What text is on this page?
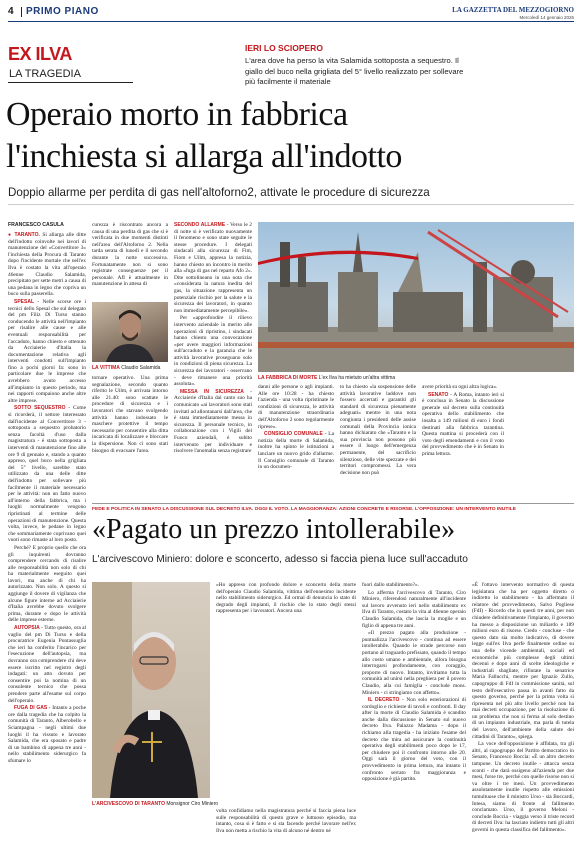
4	PRIMO PIANO	LA GAZZETTA DEL MEZZOGIORNO
Mercoledì 14 gennaio 2026
EX ILVA
LA TRAGEDIA
IERI LO SCIOPERO
L'area dove ha perso la vita Salamida sottoposta a sequestro. Il giallo del buco nella grigliata del 5° livello realizzato per sollevare più facilmente il materiale
Operaio morto in fabbrica
l'inchiesta si allarga all'indotto
Doppio allarme per perdita di gas nell'altoforno2, attivate le procedure di sicurezza
FRANCESCO CASULA

● TARANTO. Si allarga alle ditte dell'indotto coinvolte nei lavori di manutenzione del «Convertitore 3» l'inchiesta della Procura di Taranto dopo l'incidente mortale che nell'ex Ilva è costato la vita all'operaio 46enne Claudio Salamida, precipitato per sette metri a causa di una pedana in legno che copriva un buco sulla passerella.

SPESAL - Nelle scorse ore i tecnici dello Spesal che sul delegato del pm Filiz Di Turso stanno conducendo le attività nell'impianto per risalire alle cause e alle eventuali responsabilità per l'accaduto, hanno chiesto e ottenuto da Acciaierie d'Italia la documentazione relativa agli interventi condotti sull'impianto fino a pochi giorni fa: sono in particolare due le imprese che avrebbero avuto accesso all'impianto in questo periodo, ma nei rapporti compaiono anche altre altre imprese.

SOTTO SEQUESTRO - Come si ricorderà, il settore interessato dall'incidente al Convertitore 3 - sottoposta a sequestro probatorio senza facoltà d'uso dalla magistratura - è stata sottoposta a interventi di manutenzione fino alle ore 9 di gennaio e, stando a quanto appreso, quel buco nella grigliata del 5° livello, sarebbe stato utilizzato da una delle ditte dell'indotto per sollevare più facilmente il materiale necessario per le attività: non un fatto nuovo all'interno della fabbrica, ma i luoghi normalmente vengono ripristinati al termine delle operazioni di manutenzione. Questa volta, invece, le pedane in legno che sommariamente coprivano quei vuoti sono rimaste al loro posto.

Perché? E proprio quello che ora gli inquirenti dovranno comprendere cercando di risalire alle responsabilità non solo di chi ha materialmente eseguito quei lavori, ma anche di chi ha autorizzato. Non solo. A questo si aggiunge il dovere di vigilanza che alcune figure interne ad Acciaierie d'Italia avrebbe dovuto svolgere prima, durante e dopo le attività delle imprese esterne.

AUTOPSIA - Tutto questo, ora al vaglio del pm Di Turso e della procuratrice Eugenia Pontassuglia che ieri ha conferito l'incarico per l'esecuzione dell'autopsia, ma dovranno ora comprendere chi deve essere iscritto nel registro degli indagati: un atto dovuto per consentire poi la nomina di un consulente tecnico che possa prendere parte all'esame sul corpo dell'operaio.

FUGA DI GAS - Intanto a poche ore dalla tragedia che ha colpito la comunità di Taranto, Alberobello e Sciampagna - negli ultimi due luoghi il ha vissuto e lavorato Salamida, che era sposato e padre di un bambino di appena tre anni - nello stabilimento siderurgico fa sfumare lo

curezza è riscontrato ancora a causa di una perdita di gas che si è verificata in due momenti distinti nell'area dell'Altoforno 2. Nella tarda serata di lunedì e il secondo durante la notte successiva. Fortunatamente non si sono registrate conseguenze per il personale. AfI è attualmente in manutenzione in attesa di

LA VITTIMA Claudio Salamida

tornare operativo. Una prima segnalazione, secondo quanto riferito le Uilm, è arrivata intorno alle 21.40: sono scattate le procedure di sicurezza e i lavoratori che stavano svolgendo attività hanno indossato le maschere protettive il tempo necessario per consentire alla ditta incaricata di localizzare e bloccare la dispersione. Non ci sono stati bisogno di evacuare l'area.

SECONDO ALLARME - Verso le 2 di notte si è verificato nuovamente il fenomeno e sono state seguite le stesse procedure. I delegati sindacali alla sicurezza di Fim, Fiom e Uilm, appresa la notizia, hanno chiesto un incontro in merito alla «fuga di gas nel reparto Afo 2». Dite sottolineano in una nota che «considerata la natura inedita del gas, la situazione rappresenta un potenziale rischio per la salute e la sicurezza dei lavoratori, in quanto non immediatamente percepibile».

Per «approfondire il rilievo intervento aziendale in merito alle operazioni di ripristino, i sindacati hanno chiesto una convocazione «per avere maggiori informazioni sull'accaduto e la garanzia che le attività lavorative proseguano solo in condizioni di piena sicurezza. La sicurezza dei lavoratori - osservano - deve rimanere una priorità assoluta».

MESSA IN SICUREZZA - Acciaierie d'Italia dal canto suo ha comunicato «ai lavoratori sono stati invitati ad allontanarsi dall'area, che è stata immediatamente messa in sicurezza. Il personale tecnico, in collaborazione con i Vigili del Fuoco aziendali, è subito intervenuto per individuare e risolvere l'anomalia senza registrare

LA FABBRICA DI MORTE L'ex Ilva ha mietuto un'altra vittima

danni alle persone o agli impianti. Alle ore 10:28 - ha chiesto l'azienda - una volta ripristinate le condizioni di sicurezza, le attività di manutenzione straordinaria dell'Altoforno 2 sono regolarmente riprese».

CONSIGLIO COMUNALE - La notizia della morte di Salamida, inoltre ha spinto le istituzioni a lanciare un nuovo grido d'allarme. Il Consiglio comunale di Taranto in un documen-

to ha chiesto «la sospensione delle attività lavorative laddove non fossero accertati e garantiti gli standard di sicurezza pienamente adeguati» mentre in una nota congiunta i presidenti delle assise comunali della Provincia ionica hanno dichiarato che «Taranto e la sua provincia non possono più essere il luogo dell'emergenza permanente, del sacrificio silenzioso, delle vite spezzate e dei territori compromessi. La vera decisione non può

avere priorità su ogni altra logica».

SENATO - A Roma, intanto ieri si è conclusa in Senato la discussione generale sul decreto sulla continuità operativa dello stabilimento che insalta a 149 milioni di euro i fondi destinati alla fabbrica tarantina. Questa mattina si procederà con il voto degli emendamenti e con il voto del provvedimento che è in Senato in prima lettura.

FEDE E POLITICA IN SENATO LA DISCUSSIONE SUL DECRETO ILVA. OGGI IL VOTO. LA MAGGIORANZA: AZIONI CONCRETE E RISORSE. L'OPPOSIZIONE: UN INTERVENTO INUTILE
«Pagato un prezzo intollerabile»
L'arcivescovo Miniero: dolore e sconcerto, adesso si faccia piena luce sull'accaduto
L'ARCIVESCOVO DI TARANTO Monsignor Ciro Miniero

«Ho appreso con profondo dolore e sconcerto della morte dell'operaio Claudio Salamida, vittima dell'ennesimo incidente nello stabilimento siderurgico. Ed ormai di denuncia lo stato di degrado degli impianti, il rischio che lo stato degli stessi rappresenta per i lavoratori. Ancora una

volta confidiamo nella magistratura perché si faccia piena luce sulle responsabilità di questo grave e luttuoso episodio, ma intanto, cosa si è fatto e si sta facendo perché lavorare nell'ex Ilva non metta a rischio la vita di alcuno né dentro né

fuori dallo stabilimento?».

Lo afferma l'arcivescovo di Taranto, Ciro Miniero, riferendosi naturalmente all'incidente sul lavoro avvenuto ieri nello stabilimento ex Ilva di Taranto, costato la vita al 46enne operaio Claudio Salamida, che lascia la moglie e un figlio di appena tre anni.

«Il prezzo pagato alla produzione - puntualizza l'arcivescovo - continua ad essere intollerabile. Quando le strade percorse non portano al traguardo prefissato, quando il tempo allo costo umano e ambientale, allora bisogna interrogarsi profondamente, con coraggio, proporre di nuovo. Intanto, invitiamo tutta la comunità ad unirsi nella preghiera per il povero Claudio, alla cui famiglia - conclude mons. Miniero - ci stringiamo con affetto».

IL DECRETO - Non solo esteriorazioni di cordoglio e richieste di tavoli e confronti. Il day after la morte di Claudio Salamida è scandito anche dalla discussione in Senato sul nuovo decreto Ilva. Palazzo Madama - dopo il richiamo alla tragedia - ha iniziato l'esame del decreto che mira ad assicurare la continuità operativa degli stabilimenti poco dopo le 17, per chiudere poi il confronto intorno alle 20. Oggi sarà il giorno del voto, con il provvedimento in prima lettura, ma intanto il confronto serrato fra maggioranza e opposizione è già partito.

«È l'ottavo intervento normativo di questa legislatura che ha per oggetto diretto o indiretto lo stabilimento - ha affermato il relatore del provvedimento, Salvo Pogliese (FdI) - Ricordo che in questi tre anni, per non chiudere definitivamente l'impianto, il governo ha messo a disposizione un miliardo e 189 milioni euro di risorse. Credo - concluse - che questo dato sia molto indicativo, di dovere legge sull'ex Ilva perfe finalmente ordine su una delle vicende ambientali, sociali ed economiche più complesse degli ultimi decenni e dopo anni di scelte ideologiche e industriali sbagliate, rifiutate la senatrice Maria Fallucchi, mentre per Ignazio Zullo, capogruppo di FdI in commissione sanità, sul testo dell'esecutivo passa in avanti fatto da questo governo, perché per la prima volta si ripresenta nel più alto livello perché non ha mai decreti occupazione, per la risoluzione di un problema che non si ferma al solo destino di un impianto industriale, ma parla di tutela del lavoro, dell'ambiente della salute dei cittadini di Taranto», spiega.

La voce dell'opposizione è affidata, tra gli altri, al capogruppo del Partito democratico in Senato, Francesco Boccia: «È un altro decreto tampone. Un decreto inutile - attacca senza sconti - che darà ossigeno all'azienda per due mesi, forse tre, perché con quelle risorse non si va oltre i tre mesi. Un provvedimento assolutamente inutile rispetto alle emissioni tumultuose che il ministro Urso - sia Boccardi, Intesa, siamo di fronte al fallimento conclamato. Urso, il governo Meloni - conclude Boccia - viaggia verso il triste record di decreti Ilva: ha lasciato indietro tutti gli altri governi in questa classifica del fallimento».
